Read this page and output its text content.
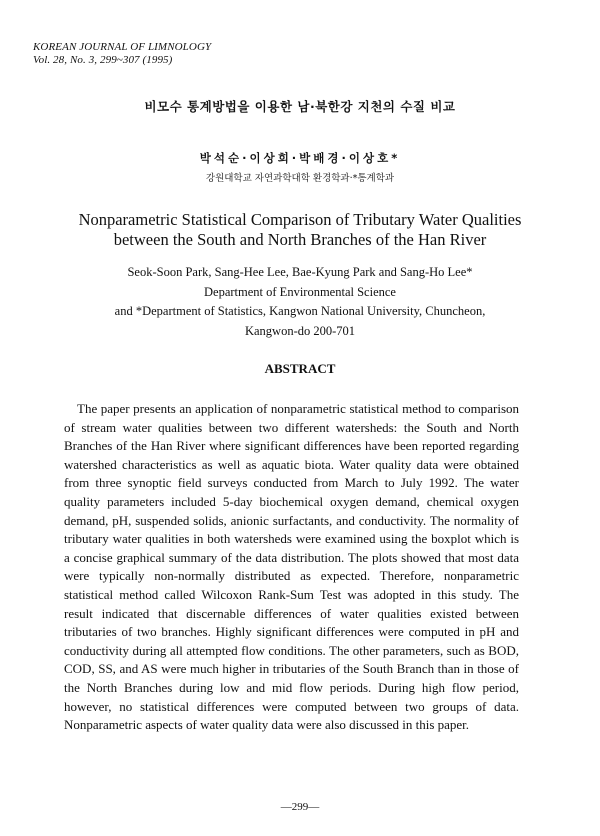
KOREAN JOURNAL OF LIMNOLOGY
Vol. 28, No. 3, 299~307 (1995)
비모수 통계방법을 이용한 남·북한강 지천의 수질 비교
박석순·이상희·박배경·이상호*
강원대학교 자연과학대학 환경학과·*통계학과
Nonparametric Statistical Comparison of Tributary Water Qualities
between the South and North Branches of the Han River
Seok-Soon Park, Sang-Hee Lee, Bae-Kyung Park and Sang-Ho Lee*
Department of Environmental Science
and *Department of Statistics, Kangwon National University, Chuncheon,
Kangwon-do 200-701
ABSTRACT
The paper presents an application of nonparametric statistical method to comparison of stream water qualities between two different watersheds: the South and North Branches of the Han River where significant differences have been reported regarding watershed characteristics as well as aquatic biota. Water quality data were obtained from three synoptic field surveys conducted from March to July 1992. The water quality parameters included 5-day biochemical oxygen demand, chemical oxygen demand, pH, suspended solids, anionic surfactants, and conductivity. The normality of tributary water qualities in both watersheds were examined using the boxplot which is a concise graphical summary of the data distribution. The plots showed that most data were typically non-normally distributed as expected. Therefore, nonparametric statistical method called Wilcoxon Rank-Sum Test was adopted in this study. The result indicated that discernable differences of water qualities existed between tributaries of two branches. Highly significant differences were computed in pH and conductivity during all attempted flow conditions. The other parameters, such as BOD, COD, SS, and AS were much higher in tributaries of the South Branch than in those of the North Branches during low and mid flow periods. During high flow period, however, no statistical differences were computed between two groups of data. Nonparametric aspects of water quality data were also discussed in this paper.
—299—
